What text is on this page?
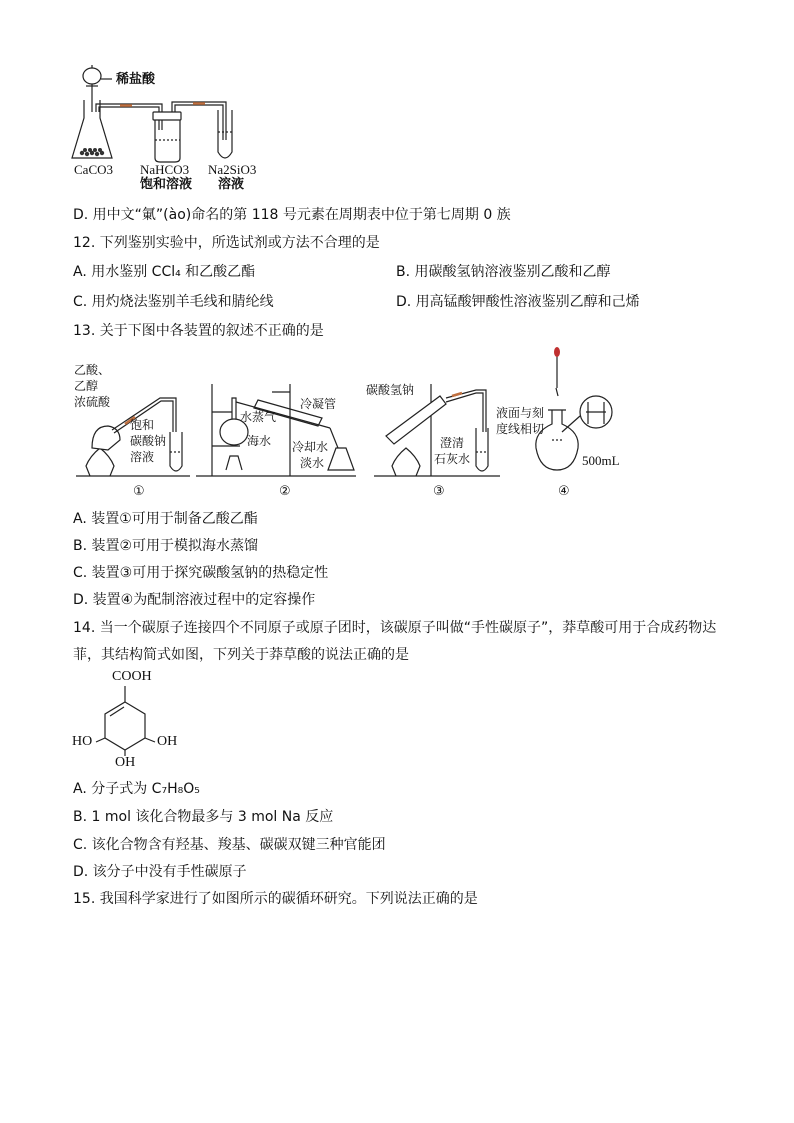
稀盐酸
CaCO3 NaHCO3
饱和溶液
Na2SiO3
溶液
D. 用中文“氭”(ào)命名的第 118 号元素在周期表中位于第七周期 0 族
12. 下列鉴别实验中，所选试剂或方法不合理的是
A. 用水鉴别 CCl₄ 和乙酸乙酯	B. 用碳酸氢钠溶液鉴别乙酸和乙醇
C. 用灼烧法鉴别羊毛线和腈纶线	D. 用高锰酸钾酸性溶液鉴别乙醇和己烯
13. 关于下图中各装置的叙述不正确的是
乙酸、
乙醇
浓硫酸
饱和
碳酸钠
溶液
①
水蒸气
冷凝管
海水 冷却水
淡水
②
碳酸氢钠
澄清
石灰水
③
液面与刻
度线相切
500mL
④
A. 装置①可用于制备乙酸乙酯
B. 装置②可用于模拟海水蒸馏
C. 装置③可用于探究碳酸氢钠的热稳定性
D. 装置④为配制溶液过程中的定容操作
14. 当一个碳原子连接四个不同原子或原子团时，该碳原子叫做“手性碳原子”，莽草酸可用于合成药物达
菲，其结构简式如图，下列关于莽草酸的说法正确的是
COOH
HO	OH
OH
A. 分子式为 C₇H₈O₅
B. 1 mol 该化合物最多与 3 mol Na 反应
C. 该化合物含有羟基、羧基、碳碳双键三种官能团
D. 该分子中没有手性碳原子
15. 我国科学家进行了如图所示的碳循环研究。下列说法正确的是
